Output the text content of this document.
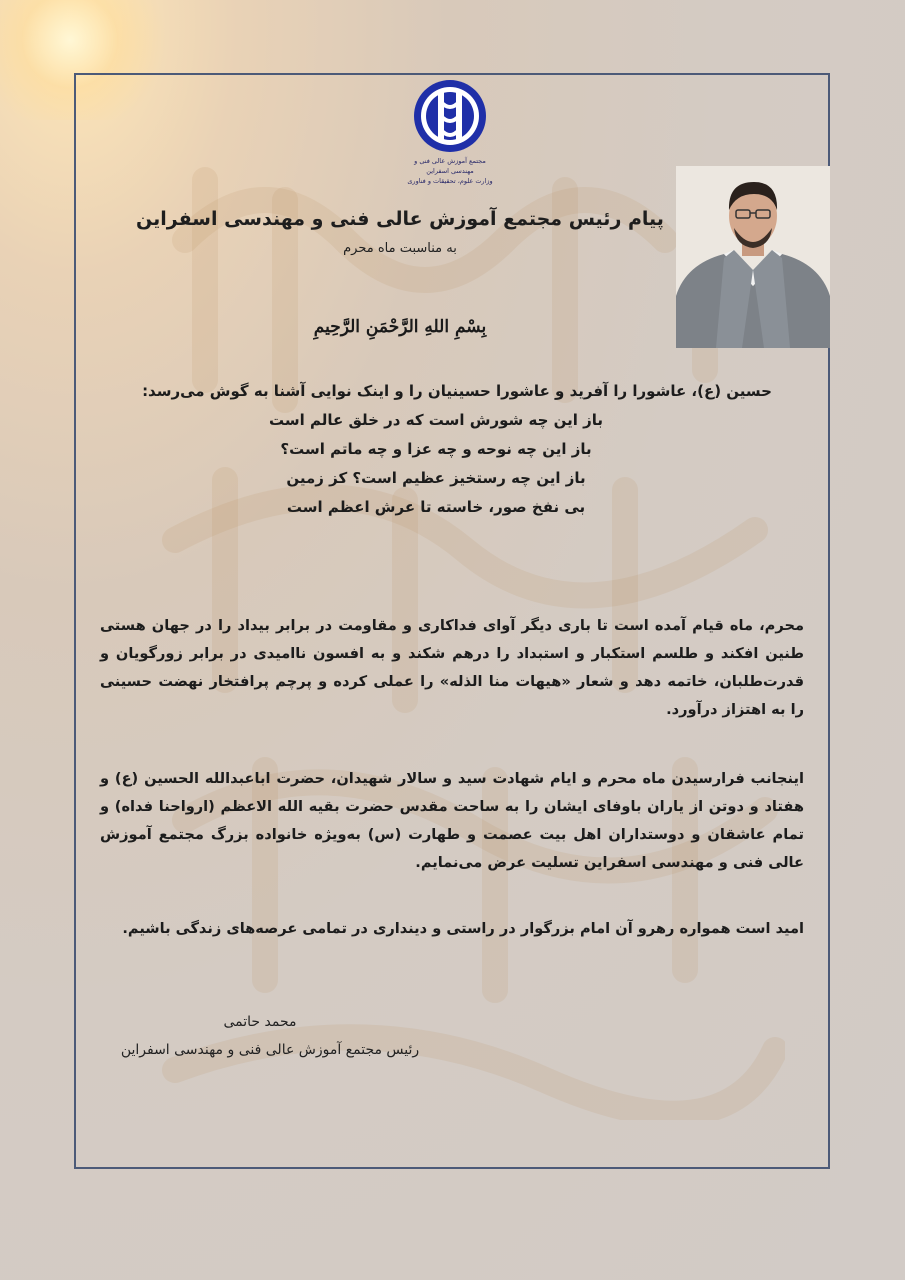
مجتمع آموزش عالی فنی و مهندسی اسفراین
وزارت علوم، تحقیقات و فناوری
پیام رئیس مجتمع آموزش عالی فنی و مهندسی اسفراین
به مناسبت ماه محرم
بِسْمِ اللهِ الرَّحْمَنِ الرَّحِیمِ
حسین (ع)، عاشورا را آفرید و عاشورا حسینیان را و اینک نوایی آشنا به گوش می‌رسد:
باز این چه شورش است که در خلق عالم است
باز این چه نوحه و چه عزا و چه ماتم است؟
باز این چه رستخیز عظیم است؟ کز زمین
بی نفخ صور، خاسته تا عرش اعظم است
محرم، ماه قیام آمده است تا باری دیگر آوای فداکاری و مقاومت در برابر بیداد را در جهان هستی طنین افکند و طلسم استکبار و استبداد را درهم شکند و به افسون ناامیدی در برابر زورگویان و قدرت‌طلبان، خاتمه دهد و شعار «هیهات منا الذله» را عملی کرده و پرچم پرافتخار نهضت حسینی را به اهتزاز درآورد.
اینجانب فرارسیدن ماه محرم و ایام شهادت سید و سالار شهیدان، حضرت اباعبدالله الحسین (ع) و هفتاد و دوتن از یاران باوفای ایشان را به ساحت مقدس حضرت بقیه الله الاعظم (ارواحنا فداه) و تمام عاشقان و دوستداران اهل بیت عصمت و طهارت (س) به‌ویژه خانواده بزرگ مجتمع آموزش عالی فنی و مهندسی اسفراین تسلیت عرض می‌نمایم.
امید است همواره رهرو آن امام بزرگوار در راستی و دینداری در تمامی عرصه‌های زندگی باشیم.
محمد حاتمی
رئیس مجتمع آموزش عالی فنی و مهندسی اسفراین
